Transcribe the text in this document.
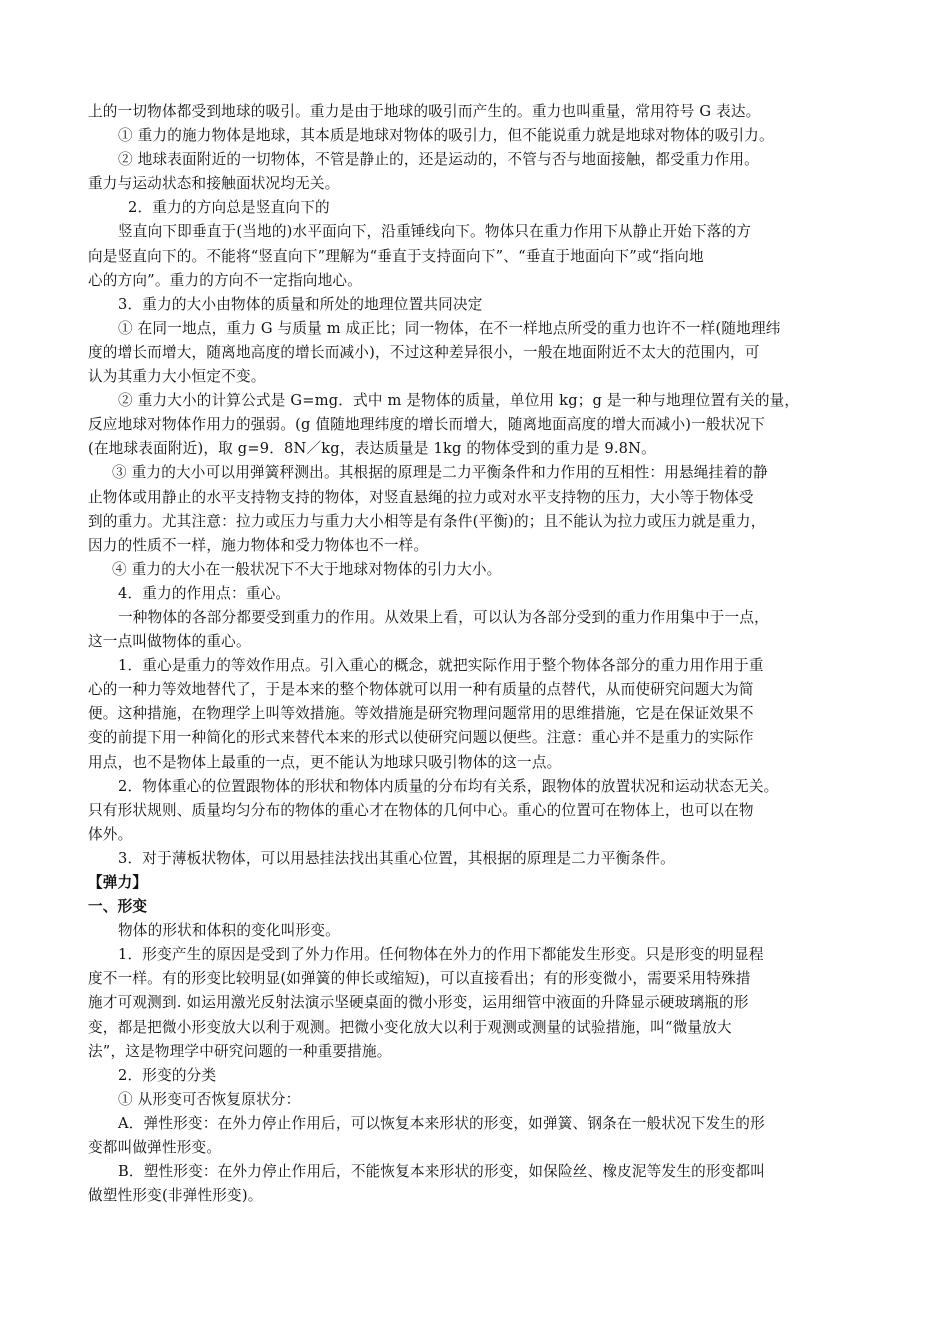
上的一切物体都受到地球的吸引。重力是由于地球的吸引而产生的。重力也叫重量，常用符号 G 表达。
① 重力的施力物体是地球，其本质是地球对物体的吸引力，但不能说重力就是地球对物体的吸引力。
② 地球表面附近的一切物体，不管是静止的，还是运动的，不管与否与地面接触，都受重力作用。
重力与运动状态和接触面状况均无关。
2．重力的方向总是竖直向下的
竖直向下即垂直于(当地的)水平面向下，沿重锤线向下。物体只在重力作用下从静止开始下落的方
向是竖直向下的。不能将“竖直向下”理解为“垂直于支持面向下”、“垂直于地面向下”或“指向地
心的方向”。重力的方向不一定指向地心。
3．重力的大小由物体的质量和所处的地理位置共同决定
① 在同一地点，重力 G 与质量 m 成正比；同一物体，在不一样地点所受的重力也许不一样(随地理纬
度的增长而增大，随离地高度的增长而减小)，不过这种差异很小，一般在地面附近不太大的范围内，可
认为其重力大小恒定不变。
② 重力大小的计算公式是 G=mg．式中 m 是物体的质量，单位用 kg；g 是一种与地理位置有关的量，
反应地球对物体作用力的强弱。(g 值随地理纬度的增长而增大，随离地面高度的增大而减小)一般状况下
(在地球表面附近)，取 g=9．8N／kg，表达质量是 1kg 的物体受到的重力是 9.8N。
③ 重力的大小可以用弹簧秤测出。其根据的原理是二力平衡条件和力作用的互相性：用悬绳挂着的静
止物体或用静止的水平支持物支持的物体，对竖直悬绳的拉力或对水平支持物的压力，大小等于物体受
到的重力。尤其注意：拉力或压力与重力大小相等是有条件(平衡)的；且不能认为拉力或压力就是重力，
因力的性质不一样，施力物体和受力物体也不一样。
④ 重力的大小在一般状况下不大于地球对物体的引力大小。
4．重力的作用点：重心。
一种物体的各部分都要受到重力的作用。从效果上看，可以认为各部分受到的重力作用集中于一点，
这一点叫做物体的重心。
1．重心是重力的等效作用点。引入重心的概念，就把实际作用于整个物体各部分的重力用作用于重
心的一种力等效地替代了，于是本来的整个物体就可以用一种有质量的点替代，从而使研究问题大为简
便。这种措施，在物理学上叫等效措施。等效措施是研究物理问题常用的思维措施，它是在保证效果不
变的前提下用一种简化的形式来替代本来的形式以使研究问题以便些。注意：重心并不是重力的实际作
用点，也不是物体上最重的一点，更不能认为地球只吸引物体的这一点。
2．物体重心的位置跟物体的形状和物体内质量的分布均有关系，跟物体的放置状况和运动状态无关。
只有形状规则、质量均匀分布的物体的重心才在物体的几何中心。重心的位置可在物体上，也可以在物
体外。
3．对于薄板状物体，可以用悬挂法找出其重心位置，其根据的原理是二力平衡条件。
【弹力】
一、形变
物体的形状和体积的变化叫形变。
1．形变产生的原因是受到了外力作用。任何物体在外力的作用下都能发生形变。只是形变的明显程
度不一样。有的形变比较明显(如弹簧的伸长或缩短)，可以直接看出；有的形变微小，需要采用特殊措
施才可观测到. 如运用激光反射法演示坚硬桌面的微小形变，运用细管中液面的升降显示硬玻璃瓶的形
变，都是把微小形变放大以利于观测。把微小变化放大以利于观测或测量的试验措施，叫“微量放大
法”，这是物理学中研究问题的一种重要措施。
2．形变的分类
① 从形变可否恢复原状分：
A．弹性形变：在外力停止作用后，可以恢复本来形状的形变，如弹簧、钢条在一般状况下发生的形
变都叫做弹性形变。
B．塑性形变：在外力停止作用后，不能恢复本来形状的形变，如保险丝、橡皮泥等发生的形变都叫
做塑性形变(非弹性形变)。
